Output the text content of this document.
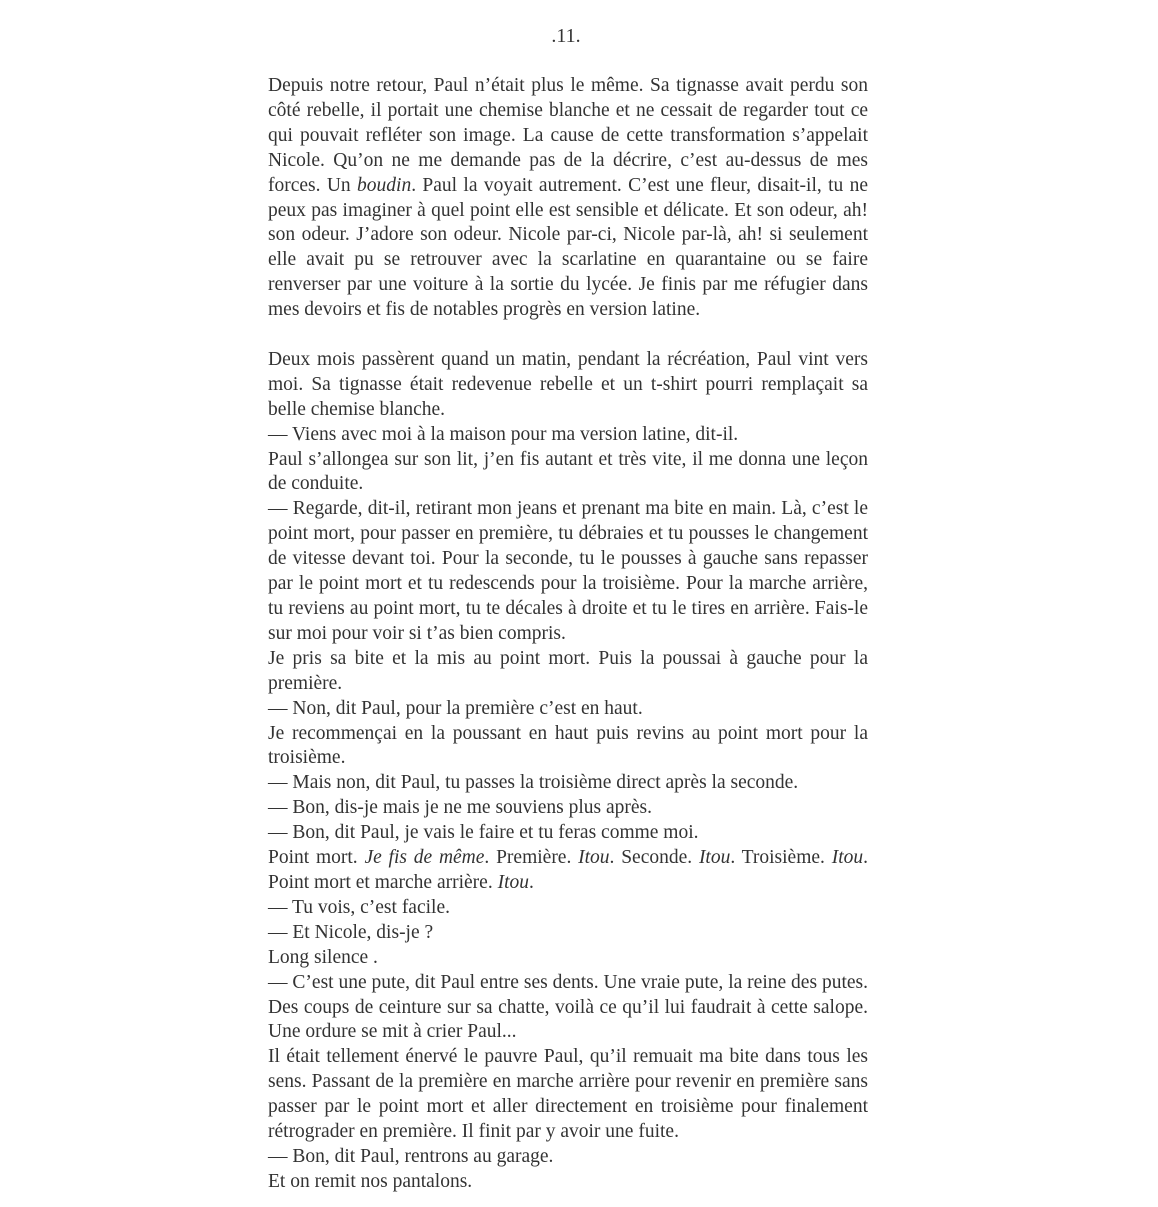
.11.

Depuis notre retour, Paul n’était plus le même. Sa tignasse avait perdu son côté rebelle, il portait une chemise blanche et ne cessait de regarder tout ce qui pouvait refléter son image. La cause de cette transformation s’appelait Nicole. Qu’on ne me demande pas de la décrire, c’est au-dessus de mes forces. Un boudin. Paul la voyait autrement. C’est une fleur, disait-il, tu ne peux pas imaginer à quel point elle est sensible et délicate. Et son odeur, ah! son odeur. J’adore son odeur. Nicole par-ci, Nicole par-là, ah! si seulement elle avait pu se retrouver avec la scarlatine en quarantaine ou se faire renverser par une voiture à la sortie du lycée. Je finis par me réfugier dans mes devoirs et fis de notables progrès en version latine.

Deux mois passèrent quand un matin, pendant la récréation, Paul vint vers moi. Sa tignasse était redevenue rebelle et un t-shirt pourri remplaçait sa belle chemise blanche.

— Viens avec moi à la maison pour ma version latine, dit-il.

Paul s’allongea sur son lit, j’en fis autant et très vite, il me donna une leçon de conduite.

— Regarde, dit-il, retirant mon jeans et prenant ma bite en main. Là, c’est le point mort, pour passer en première, tu débraies et tu pousses le changement de vitesse devant toi. Pour la seconde, tu le pousses à gauche sans repasser par le point mort et tu redescends pour la troisième. Pour la marche arrière, tu reviens au point mort, tu te décales à droite et tu le tires en arrière. Fais-le sur moi pour voir si t’as bien compris.

Je pris sa bite et la mis au point mort. Puis la poussai à gauche pour la première.

— Non, dit Paul, pour la première c’est en haut.

Je recommençai en la poussant en haut puis revins au point mort pour la troisième.

— Mais non, dit Paul, tu passes la troisième direct après la seconde.

— Bon, dis-je mais je ne me souviens plus après.

— Bon, dit Paul, je vais le faire et tu feras comme moi.

Point mort. Je fis de même. Première. Itou. Seconde. Itou. Troisième. Itou. Point mort et marche arrière. Itou.

— Tu vois, c’est facile.

— Et Nicole, dis-je ?

Long silence .

— C’est une pute, dit Paul entre ses dents. Une vraie pute, la reine des putes. Des coups de ceinture sur sa chatte, voilà ce qu’il lui faudrait à cette salope. Une ordure se mit à crier Paul...

Il était tellement énervé le pauvre Paul, qu’il remuait ma bite dans tous les sens. Passant de la première en marche arrière pour revenir en première sans passer par le point mort et aller directement en troisième pour finalement rétrograder en première. Il finit par y avoir une fuite.

— Bon, dit Paul, rentrons au garage.

Et on remit nos pantalons.
